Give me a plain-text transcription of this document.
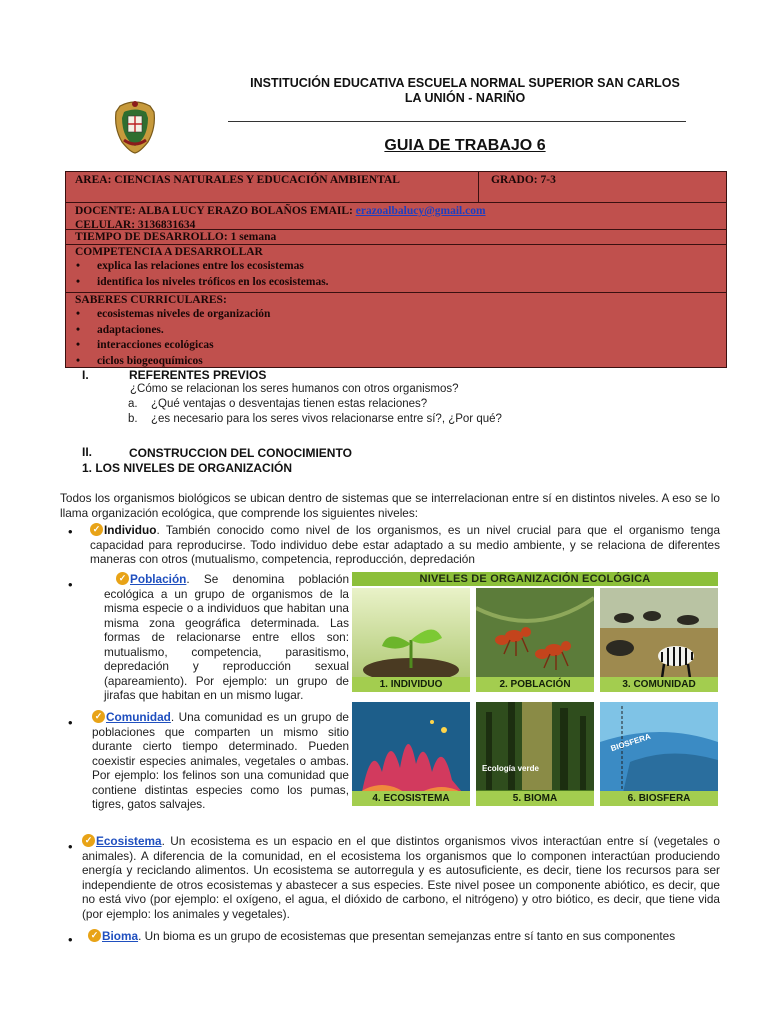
INSTITUCIÓN EDUCATIVA ESCUELA NORMAL SUPERIOR SAN CARLOS
LA UNIÓN - NARIÑO
GUIA DE TRABAJO 6
AREA: CIENCIAS NATURALES Y EDUCACIÓN AMBIENTAL	GRADO: 7-3
DOCENTE: ALBA LUCY ERAZO BOLAÑOS EMAIL: erazoalbalucy@gmail.com
CELULAR: 3136831634
TIEMPO DE DESARROLLO: 1 semana
COMPETENCIA A DESARROLLAR
• explica las relaciones entre los ecosistemas
• identifica los niveles tróficos en los ecosistemas.
SABERES CURRICULARES:
• ecosistemas niveles de organización
• adaptaciones.
• interacciones ecológicas
• ciclos biogeoquímicos
I.	REFERENTES PREVIOS
¿Cómo se relacionan los seres humanos con otros organismos?
a. ¿Qué ventajas o desventajas tienen estas relaciones?
b. ¿es necesario para los seres vivos relacionarse entre sí?, ¿Por qué?
II.	CONSTRUCCION DEL CONOCIMIENTO
1. LOS NIVELES DE ORGANIZACIÓN
Todos los organismos biológicos se ubican dentro de sistemas que se interrelacionan entre sí en distintos niveles. A eso se lo llama organización ecológica, que comprende los siguientes niveles:
•	✓ Individuo. También conocido como nivel de los organismos, es un nivel crucial para que el organismo tenga capacidad para reproducirse. Todo individuo debe estar adaptado a su medio ambiente, y se relaciona de diferentes maneras con otros (mutualismo, competencia, reproducción, depredación
•	✓ Población. Se denomina población ecológica a un grupo de organismos de la misma especie o a individuos que habitan una misma zona geográfica determinada. Las formas de relacionarse entre ellos son: mutualismo, competencia, parasitismo, depredación y reproducción sexual (apareamiento). Por ejemplo: un grupo de jirafas que habitan en un mismo lugar.
•	✓ Comunidad. Una comunidad es un grupo de poblaciones que comparten un mismo sitio durante cierto tiempo determinado. Pueden coexistir especies animales, vegetales o ambas. Por ejemplo: los felinos son una comunidad que contiene distintas especies como los pumas, tigres, gatos salvajes.
•	✓ Ecosistema. Un ecosistema es un espacio en el que distintos organismos vivos interactúan entre sí (vegetales o animales). A diferencia de la comunidad, en el ecosistema los organismos que lo componen interactúan produciendo energía y reciclando alimentos. Un ecosistema se autorregula y es autosuficiente, es decir, tiene los recursos para ser independiente de otros ecosistemas y abastecer a sus especies. Este nivel posee un componente abiótico, es decir, que no está vivo (por ejemplo: el oxígeno, el agua, el dióxido de carbono, el nitrógeno) y otro biótico, es decir, que tiene vida (por ejemplo: los animales y vegetales).
•	✓ Bioma. Un bioma es un grupo de ecosistemas que presentan semejanzas entre sí tanto en sus componentes
NIVELES DE ORGANIZACIÓN ECOLÓGICA
1. INDIVIDUO	2. POBLACIÓN	3. COMUNIDAD
4. ECOSISTEMA
Ecología verde
5. BIOMA
BIOSFERA
6. BIOSFERA
